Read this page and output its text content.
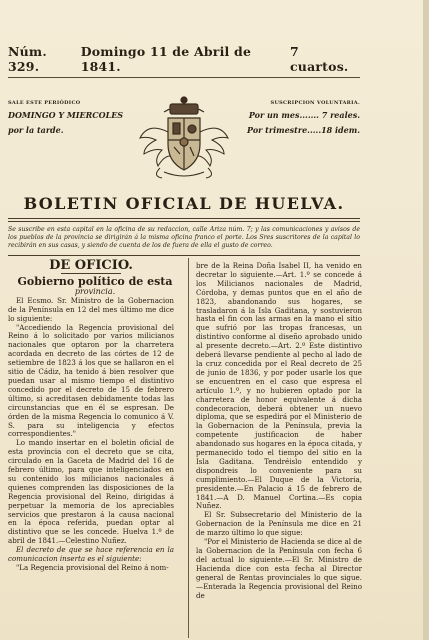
Núm. 329.
Domingo 11 de Abril de 1841.
7 cuartos.
SALE ESTE PERIÓDICO
DOMINGO Y MIERCOLES
por la tarde.
SUSCRIPCION VOLUNTARIA.
Por un mes....... 7 reales.
Por trimestre.....18 idem.
BOLETIN OFICIAL DE HUELVA.
Se suscribe en esta capital en la oficina de su redaccion, calle Ariza núm. 7; y las comunicaciones y avisos de los pueblos de la provincia se dirigirán á la misma oficina franco el porte. Los Sres suscritores de la capital lo recibirán en sus casas, y siendo de cuenta de los de fuera de ella el gusto de correo.

DE OFICIO.

Gobierno político de esta

provincia.

El Ecsmo. Sr. Ministro de la Gobernacion de la Península en 12 del mes último me dice lo siguiente:

"Accediendo la Regencia provisional del Reino á lo solicitado por varios milicianos nacionales que optaron por la charretera acordada en decreto de las córtes de 12 de setiembre de 1823 á los que se hallaron en el sitio de Cádiz, ha tenido á bien resolver que puedan usar al mismo tiempo el distintivo concedido por el decreto de 15 de febrero último, si acreditasen debidamente todas las circunstancias que en él se espresan. De órden de la misma Regencia lo comunico á V. S. para su inteligencia y efectos correspondientes."

Lo mando insertar en el boletin oficial de esta provincia con el decreto que se cita, circulado en la Gaceta de Madrid del 16 de febrero último, para que inteligenciados en su contenido los milicianos nacionales á quienes comprenden las disposiciones de la Regencia provisional del Reino, dirigidas á perpetuar la memoria de los apreciables servicios que prestaron á la causa nacional en la época referida, puedan optar al distintivo que se les concede. Huelva 1.º de abril de 1841.—Celestino Nuñez.

El decreto de que se hace referencia en la comunicacion inserta es el siguiente:

"La Regencia provisional del Reino á nom-

bre de la Reina Doña Isabel II, ha venido en decretar lo siguiente.—Art. 1.º se concede á los Milicianos nacionales de Madrid, Córdoba, y demas puntos que en el año de 1823, abandonando sus hogares, se trasladaron á la Isla Gaditana, y sostuvieron hasta el fin con las armas en la mano el sitio que sufrió por las tropas francesas, un distintivo conforme al diseño aprobado unido al presente decreto.—Art. 2.º Este distintivo deberá llevarse pendiente al pecho al lado de la cruz concedida por el Real decreto de 25 de junio de 1836, y por poder usarle los que se encuentren en el caso que espresa el artículo 1.º, y no hubieren optado por la charretera de honor equivalente á dicha condecoracion, deberá obtener un nuevo diploma, que se espedirá por el Ministerio de la Gobernacion de la Península, previa la competente justificacion de haber abandonado sus hogares en la época citada, y permanecido todo el tiempo del sitio en la Isla Gaditana. Tendréislo entendido y dispondreis lo conveniente para su cumplimiento.—El Duque de la Victoria, presidente.—En Palacio á 15 de febrero de 1841.—A D. Manuel Cortina.—Es copia Nuñez.

El Sr. Subsecretario del Ministerio de la Gobernacion de la Península me dice en 21 de marzo último lo que sigue:

"Por el Ministerio de Hacienda se dice al de la Gobernacion de la Península con fecha 6 del actual lo siguiente.—El Sr. Ministro de Hacienda dice con esta fecha al Director general de Rentas provinciales lo que sigue.—Enterada la Regencia provisional del Reino de
